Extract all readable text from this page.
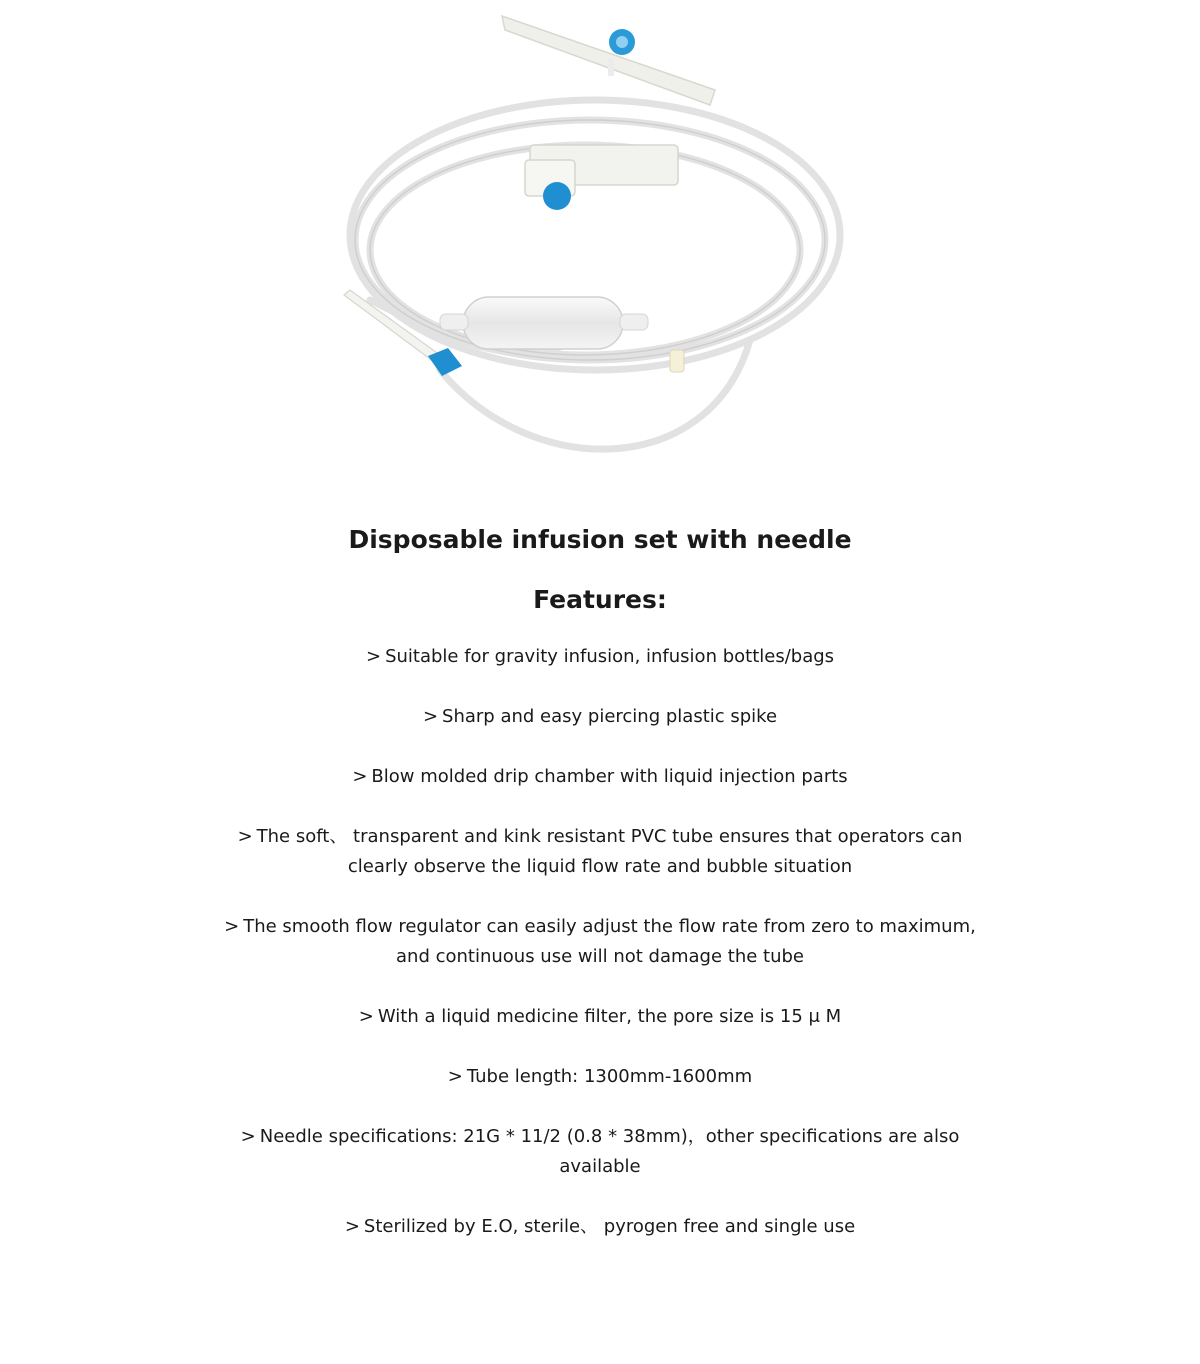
Disposable infusion set with needle
Features:
> Suitable for gravity infusion, infusion bottles/bags
> Sharp and easy piercing plastic spike
> Blow molded drip chamber with liquid injection parts
> The soft、 transparent and kink resistant PVC tube ensures that operators can clearly observe the liquid flow rate and bubble situation
> The smooth flow regulator can easily adjust the flow rate from zero to maximum, and continuous use will not damage the tube
> With a liquid medicine filter, the pore size is 15 μ M
> Tube length: 1300mm-1600mm
> Needle specifications: 21G * 11/2 (0.8 * 38mm)，other specifications are also available
> Sterilized by E.O, sterile、 pyrogen free and single use
